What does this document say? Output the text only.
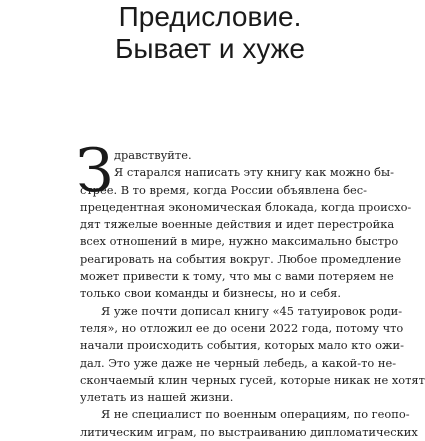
Предисловие.
Бывает и хуже
З дравствуйте.
Я старался написать эту книгу как можно бы-
стрее. В то время, когда России объявлена бес-
прецедентная экономическая блокада, когда происхо-
дят тяжелые военные действия и идет перестройка
всех отношений в мире, нужно максимально быстро
реагировать на события вокруг. Любое промедление
может привести к тому, что мы с вами потеряем не
только свои команды и бизнесы, но и себя.
Я уже почти дописал книгу «45 татуировок роди-
теля», но отложил ее до осени 2022 года, потому что
начали происходить события, которых мало кто ожи-
дал. Это уже даже не черный лебедь, а какой-то не-
скончаемый клин черных гусей, которые никак не хотят
улетать из нашей жизни.
Я не специалист по военным операциям, по геопо-
литическим играм, по выстраиванию дипломатических
